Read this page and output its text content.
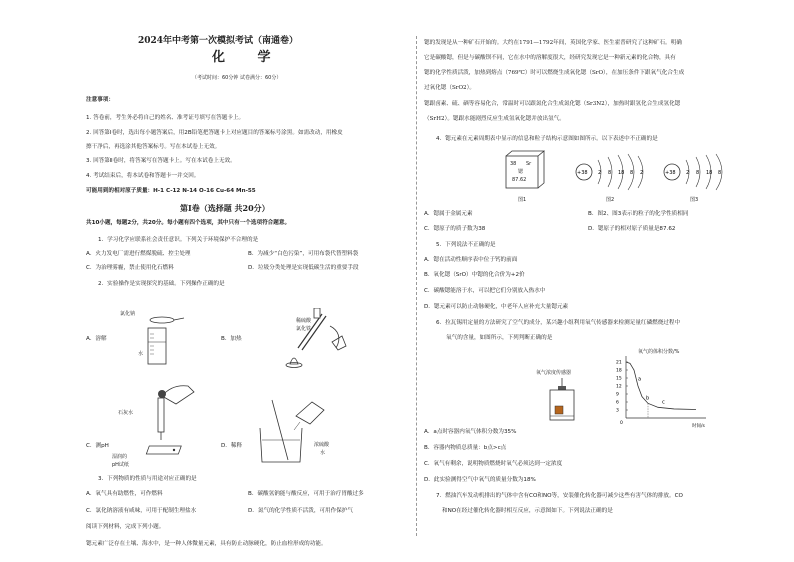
2024年中考第一次模拟考试（南通卷）
化 学
（考试时间：60分钟 试卷满分：60分）
注意事项：
1. 答卷前，考生务必将自己的姓名、准考证号填写在答题卡上。
2. 回答第Ⅰ卷时，选出每小题答案后，用2B铅笔把答题卡上对应题目的答案标号涂黑。如需改动，用橡皮
擦干净后，再选涂其他答案标号。写在本试卷上无效。
3. 回答第Ⅱ卷时，将答案写在答题卡上。写在本试卷上无效。
4. 考试结束后，将本试卷和答题卡一并交回。
可能用到的相对原子质量：H-1 C-12 N-14 O-16 Cu-64 Mn-55
第Ⅰ卷（选择题 共20分）
共10小题，每题2分，共20分。每小题有四个选项，其中只有一个选项符合题意。
1．学习化学应联系社会责任意识。下列关于环境保护不合理的是
A．火力发电厂需进行燃煤脱硫、控尘处理	B．为减少“白色污染”，可用布袋代替塑料袋
C．为治理雾霾，禁止使用化石燃料	D．垃圾分类处理是实现低碳生活的重要手段
2．实验操作是实现探究的基础。下列操作正确的是
A．溶解
氯化钠
水
B．加热
稀硫酸
氯化铁
C．测pH
石灰水
湿润的
pH试纸
D．稀释	浓硫酸
水
3．下列物质的性质与用途对应正确的是
A．氧气具有助燃性，可作燃料	B．碳酸氢钠能与酸反应，可用于治疗胃酸过多
C．氯化钠溶液有咸味，可用于配制生理盐水	D．氮气的化学性质不活泼，可用作保护气
阅读下列材料，完成下列小题。
锶元素广泛存在土壤、海水中，是一种人体微量元素，具有防止动脉硬化，防止血栓形成的功能。
锶的发现是从一种矿石开始的。大约在1791—1792年间，英国化学家、医生霍普研究了这种矿石。明确
它是碳酸锶，但是与碳酸钡不同，它在水中的溶解度很大，经研究发现它是一种新元素的化合物，具有
锶的化学性质活泼，加热到熔点（769℃）时可以燃烧生成氧化锶（SrO），在加压条件下跟氧气化合生成
过氧化锶（SrO2）。
锶跟卤素、硫、硒等容易化合，常温时可以跟氮化合生成氮化锶（Sr3N2），加热时跟氢化合生成氢化锶
（SrH2）。锶跟水能剧烈反应生成氢氧化锶并放出氢气。
4．锶元素在元素周期表中显示的信息和粒子结构示意图如图所示。以下表述中不正确的是
38 Sr
锶
87.62
图1
+38 2 8 18 8 2
图2
+38 2 8 18 8
图3
A．锶属于金属元素	B．图2、图3表示的粒子的化学性质相同
C．锶原子的质子数为38	D．锶原子的相对原子质量是87.62
5．下列说法不正确的是
A．锶在活动性顺序表中位于钙的前面
B．氧化锶（SrO）中锶的化合价为+2价
C．碳酸锶能溶于水，可以把它们分别放入热水中
D．锶元素可以防止动脉硬化，中老年人应补充大量锶元素
6．拉瓦锡用定量的方法研究了空气的成分，某兴趣小组利用氧气传感器来检测足量红磷燃烧过程中
氧气的含量，如图所示，下列判断正确的是
氧气浓度传感器
氧气的体积分数/%
21
18
15
12
9
6
3
0
时间/s
a
b
c
A．a点时容器内氧气体积分数为35%
B．容器内物质总质量：b点>c点
C．氧气有剩余，说明物质燃烧时氧气必须达到一定浓度
D．此实验测得空气中氧气的质量分数为18%
7．燃油汽车发动机排出的气体中含有CO和NO等，安装催化转化器可减少这些有害气体的排放。CO
和NO在经过催化转化器时相互反应，示意图如下。下列说法正确的是
